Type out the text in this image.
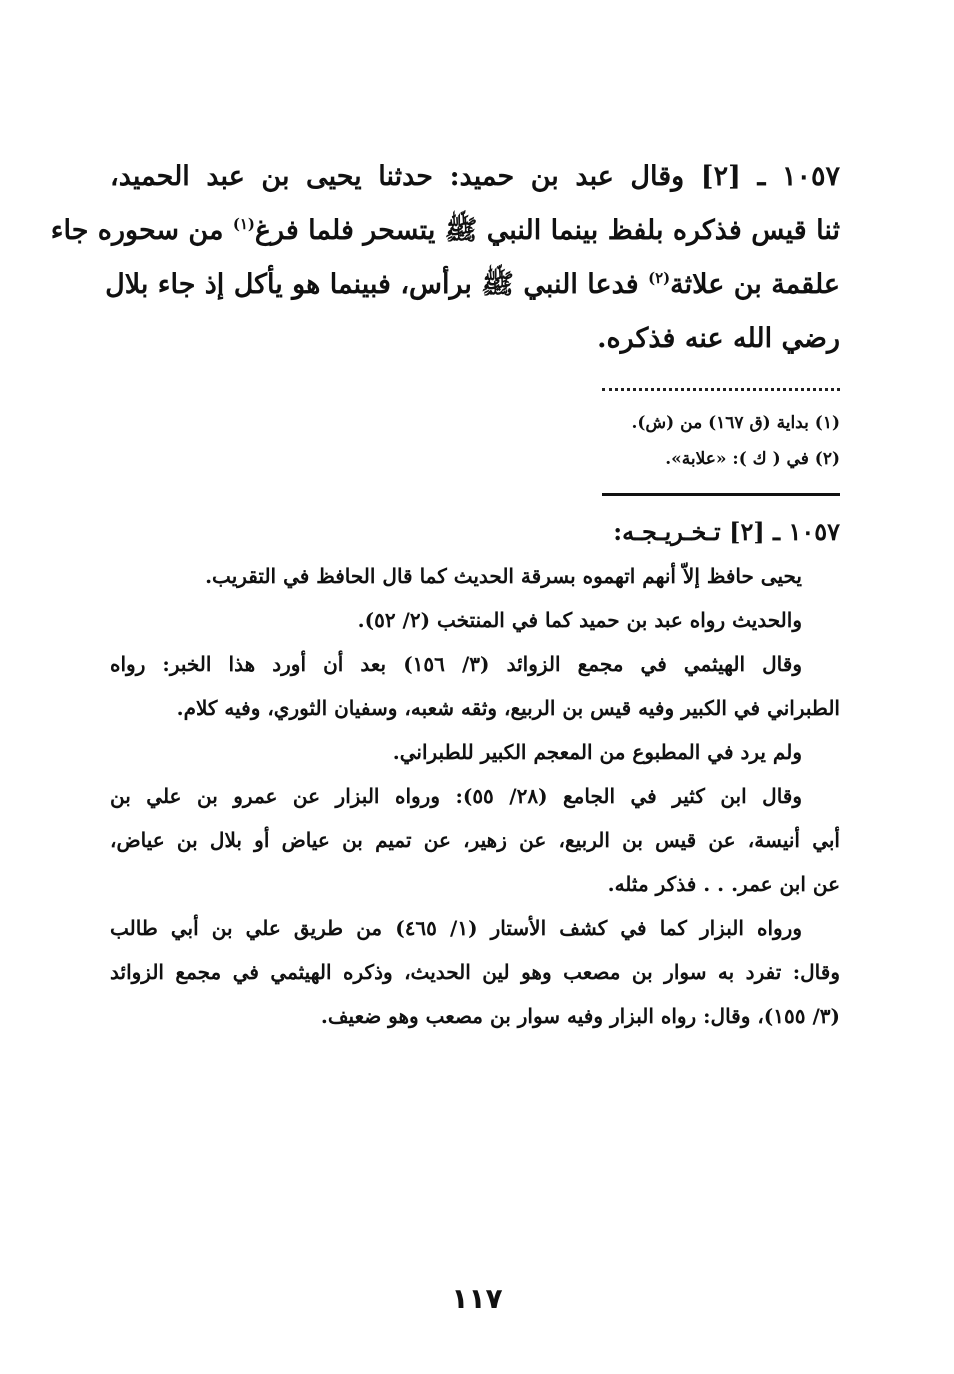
١٠٥٧ ـ [٢] وقال عبد بن حميد: حدثنا يحيى بن عبد الحميد،
ثنا قيس فذكره بلفظ بينما النبي ﷺ يتسحر فلما فرغ$^{(١)}$ من سحوره جاء
علقمة بن علاثة$^{(٢)}$ فدعا النبي ﷺ برأس، فبينما هو يأكل إذ جاء بلال
رضي الله عنه فذكره.
(١) بداية (ق ١٦٧) من (ش).
(٢) في ( ك ): «علابة».
١٠٥٧ ـ [٢] تـخـريـجـه:
يحيى حافظ إلاّ أنهم اتهموه بسرقة الحديث كما قال الحافظ في التقريب.
والحديث رواه عبد بن حميد كما في المنتخب (٢/ ٥٢).
وقال الهيثمي في مجمع الزوائد (٣/ ١٥٦) بعد أن أورد هذا الخبر: رواه
الطبراني في الكبير وفيه قيس بن الربيع، وثقه شعبه، وسفيان الثوري، وفيه كلام.
ولم يرد في المطبوع من المعجم الكبير للطبراني.
وقال ابن كثير في الجامع (٢٨/ ٥٥): ورواه البزار عن عمرو بن علي بن
أبي أنيسة، عن قيس بن الربيع، عن زهير، عن تميم بن عياض أو بلال بن عياض،
عن ابن عمر. . . فذكر مثله.
ورواه البزار كما في كشف الأستار (١/ ٤٦٥) من طريق علي بن أبي طالب
وقال: تفرد به سوار بن مصعب وهو لين الحديث، وذكره الهيثمي في مجمع الزوائد
(٣/ ١٥٥)، وقال: رواه البزار وفيه سوار بن مصعب وهو ضعيف.
١١٧
